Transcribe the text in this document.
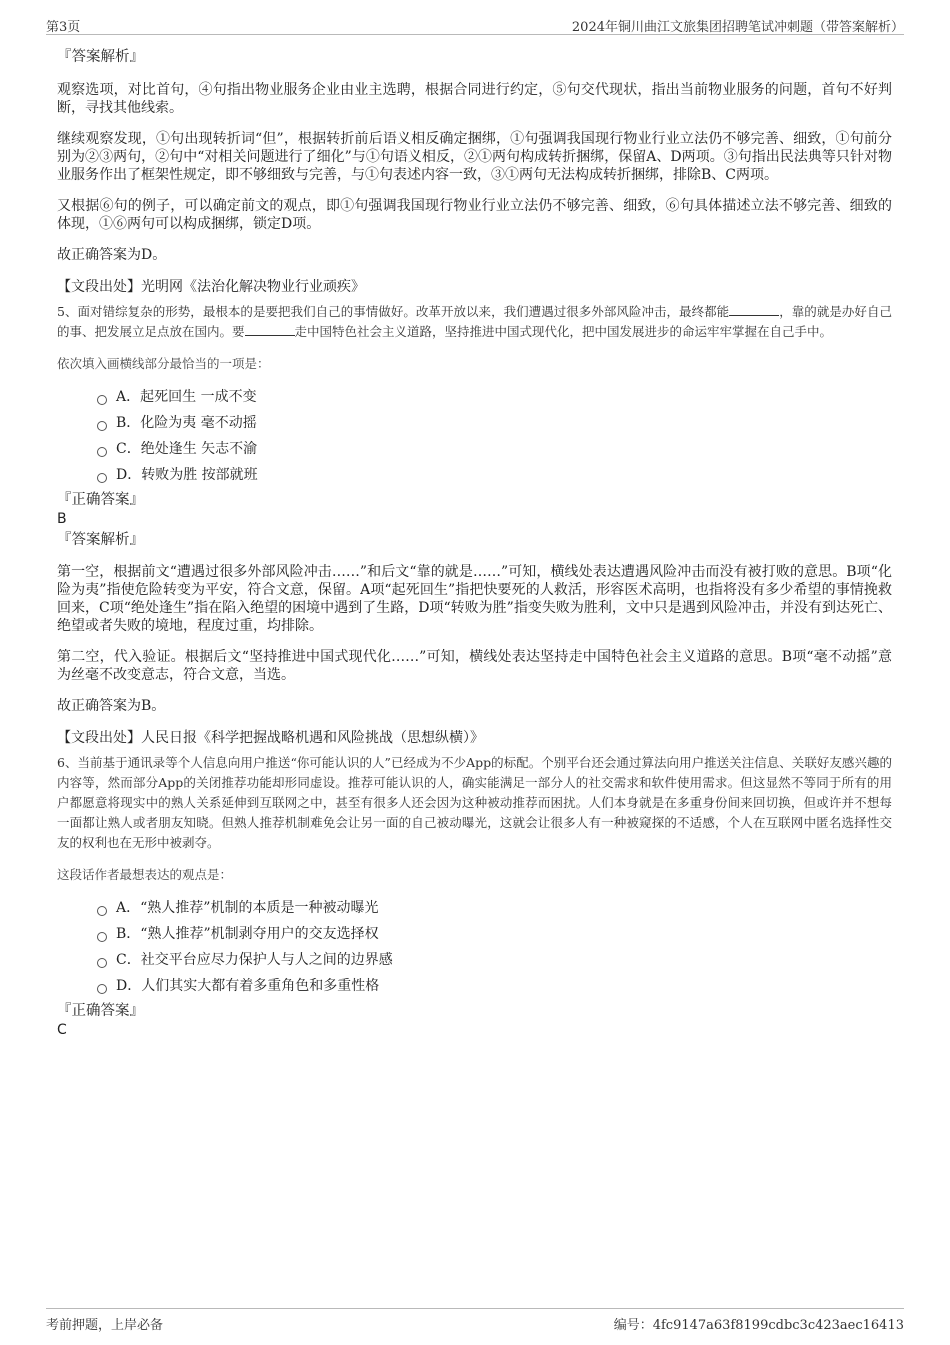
第3页	2024年铜川曲江文旅集团招聘笔试冲刺题（带答案解析）

『答案解析』

观察选项，对比首句，④句指出物业服务企业由业主选聘，根据合同进行约定，⑤句交代现状，指出当前物业服务的问题，首句不好判断，寻找其他线索。

继续观察发现，①句出现转折词“但”，根据转折前后语义相反确定捆绑，①句强调我国现行物业行业立法仍不够完善、细致，①句前分别为②③两句，②句中“对相关问题进行了细化”与①句语义相反，②①两句构成转折捆绑，保留A、D两项。③句指出民法典等只针对物业服务作出了框架性规定，即不够细致与完善，与①句表述内容一致，③①两句无法构成转折捆绑，排除B、C两项。

又根据⑥句的例子，可以确定前文的观点，即①句强调我国现行物业行业立法仍不够完善、细致，⑥句具体描述立法不够完善、细致的体现，①⑥两句可以构成捆绑，锁定D项。

故正确答案为D。

【文段出处】光明网《法治化解决物业行业顽疾》

5、面对错综复杂的形势，最根本的是要把我们自己的事情做好。改革开放以来，我们遭遇过很多外部风险冲击，最终都能	，靠的就是办好自己的事、把发展立足点放在国内。要	走中国特色社会主义道路，坚持推进中国式现代化，把中国发展进步的命运牢牢掌握在自己手中。

依次填入画横线部分最恰当的一项是：

A． 起死回生 一成不变
B． 化险为夷 毫不动摇
C． 绝处逢生 矢志不渝
D． 转败为胜 按部就班

『正确答案』

B

『答案解析』

第一空，根据前文“遭遇过很多外部风险冲击……”和后文“靠的就是……”可知，横线处表达遭遇风险冲击而没有被打败的意思。B项“化险为夷”指使危险转变为平安，符合文意，保留。A项“起死回生”指把快要死的人救活，形容医术高明，也指将没有多少希望的事情挽救回来，C项“绝处逢生”指在陷入绝望的困境中遇到了生路，D项“转败为胜”指变失败为胜利，文中只是遇到风险冲击，并没有到达死亡、绝望或者失败的境地，程度过重，均排除。

第二空，代入验证。根据后文“坚持推进中国式现代化……”可知，横线处表达坚持走中国特色社会主义道路的意思。B项“毫不动摇”意为丝毫不改变意志，符合文意，当选。

故正确答案为B。

【文段出处】人民日报《科学把握战略机遇和风险挑战（思想纵横）》

6、当前基于通讯录等个人信息向用户推送“你可能认识的人”已经成为不少App的标配。个别平台还会通过算法向用户推送关注信息、关联好友感兴趣的内容等，然而部分App的关闭推荐功能却形同虚设。推荐可能认识的人，确实能满足一部分人的社交需求和软件使用需求。但这显然不等同于所有的用户都愿意将现实中的熟人关系延伸到互联网之中，甚至有很多人还会因为这种被动推荐而困扰。人们本身就是在多重身份间来回切换，但或许并不想每一面都让熟人或者朋友知晓。但熟人推荐机制难免会让另一面的自己被动曝光，这就会让很多人有一种被窥探的不适感，个人在互联网中匿名选择性交友的权利也在无形中被剥夺。

这段话作者最想表达的观点是：

A． “熟人推荐”机制的本质是一种被动曝光
B． “熟人推荐”机制剥夺用户的交友选择权
C． 社交平台应尽力保护人与人之间的边界感
D． 人们其实大都有着多重角色和多重性格

『正确答案』

C

考前押题，上岸必备	编号：4fc9147a63f8199cdbc3c423aec16413
